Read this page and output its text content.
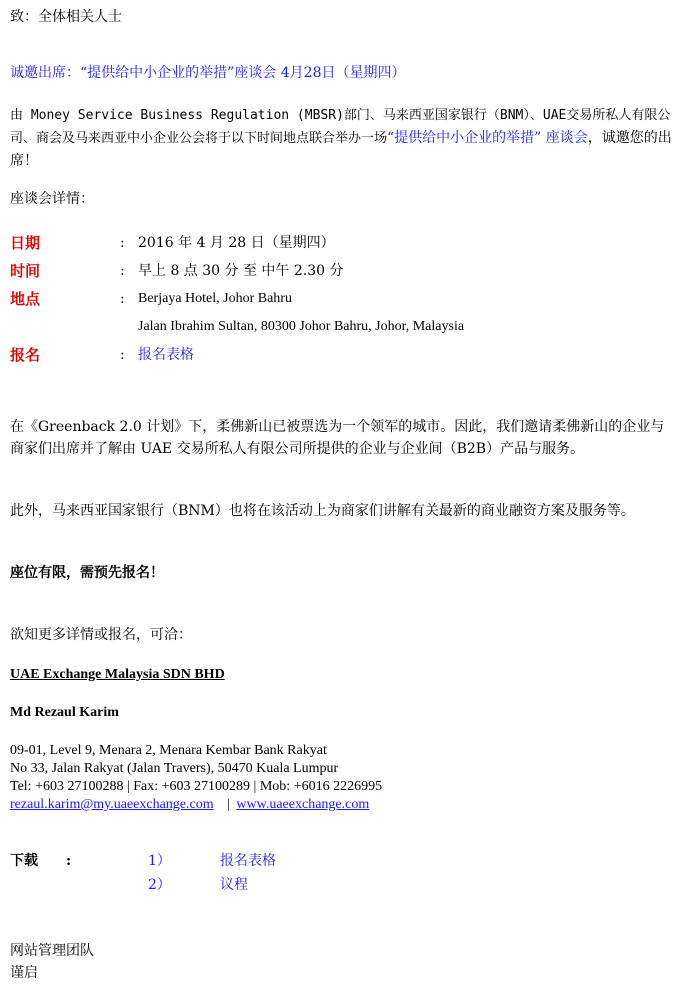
致：全体相关人士

诚邀出席：“提供给中小企业的举措”座谈会 4月28日（星期四）

由 Money Service Business Regulation (MBSR)部门、马来西亚国家银行（BNM）、UAE交易所私人有限公司、商会及马来西亚中小企业公会将于以下时间地点联合举办一场“提供给中小企业的举措” 座谈会，诚邀您的出席！

座谈会详情：

日期	: 2016 年 4 月 28 日（星期四）
时间	: 早上 8 点 30 分 至 中午 2.30 分
地点	: Berjaya Hotel, Johor Bahru
Jalan Ibrahim Sultan, 80300 Johor Bahru, Johor, Malaysia
报名	: 报名表格

在《Greenback 2.0 计划》下，柔佛新山已被票选为一个领军的城市。因此，我们邀请柔佛新山的企业与商家们出席并了解由 UAE 交易所私人有限公司所提供的企业与企业间（B2B）产品与服务。

此外，马来西亚国家银行（BNM）也将在该活动上为商家们讲解有关最新的商业融资方案及服务等。

座位有限，需预先报名！

欲知更多详情或报名，可洽：

UAE Exchange Malaysia SDN BHD

Md Rezaul Karim

09-01, Level 9, Menara 2, Menara Kembar Bank Rakyat
No 33, Jalan Rakyat (Jalan Travers), 50470 Kuala Lumpur
Tel: +603 27100288 | Fax: +603 27100289 | Mob: +6016 2226995
rezaul.karim@my.uaeexchange.com | www.uaeexchange.com
下载 :	1）	报名表格
2）	议程

网站管理团队

谨启
